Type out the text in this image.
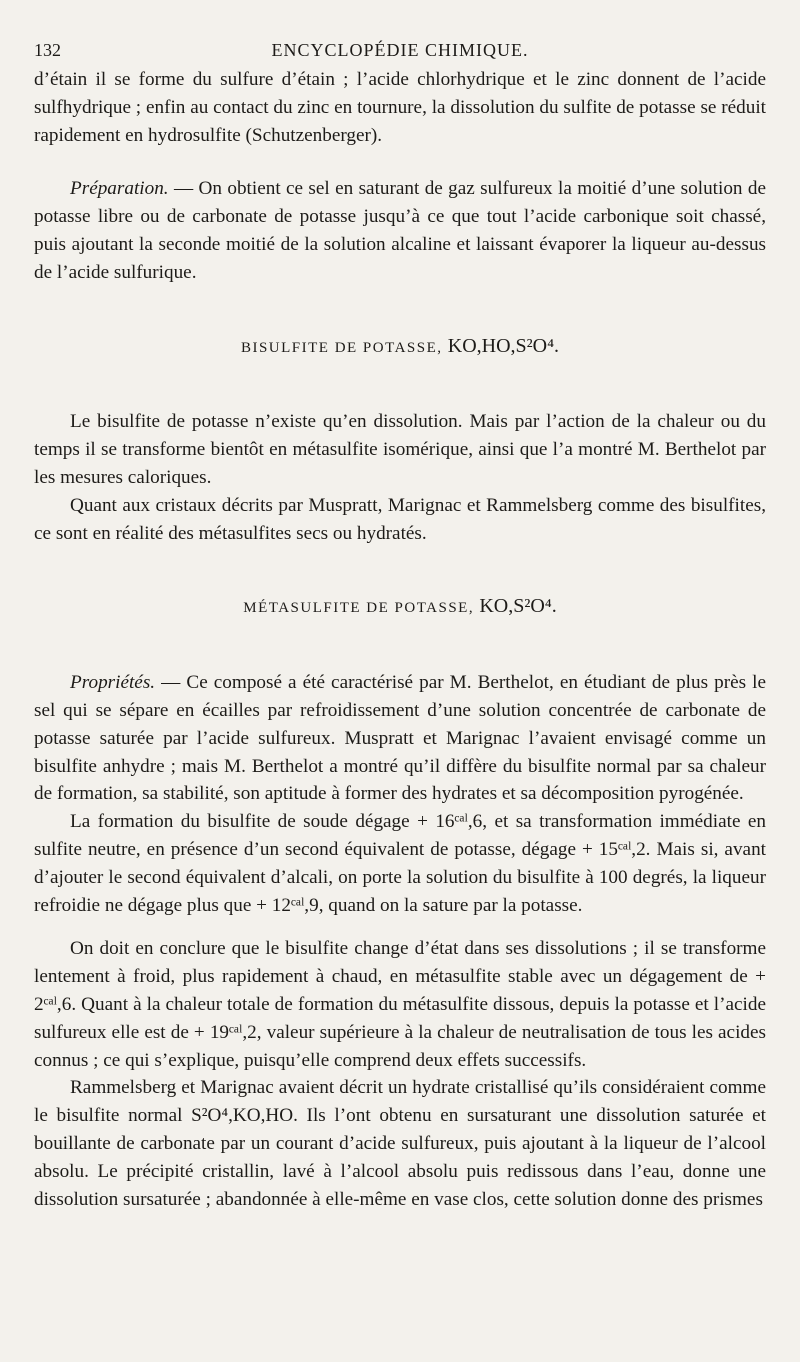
132	ENCYCLOPÉDIE CHIMIQUE.

d’étain il se forme du sulfure d’étain ; l’acide chlorhydrique et le zinc donnent de l’acide sulfhydrique ; enfin au contact du zinc en tournure, la dissolution du sulfite de potasse se réduit rapidement en hydrosulfite (Schutzenberger).

Préparation. — On obtient ce sel en saturant de gaz sulfureux la moitié d’une solution de potasse libre ou de carbonate de potasse jusqu’à ce que tout l’acide carbonique soit chassé, puis ajoutant la seconde moitié de la solution alcaline et laissant évaporer la liqueur au-dessus de l’acide sulfurique.

BISULFITE DE POTASSE, KO,HO,S²O⁴.

Le bisulfite de potasse n’existe qu’en dissolution. Mais par l’action de la chaleur ou du temps il se transforme bientôt en métasulfite isomérique, ainsi que l’a montré M. Berthelot par les mesures caloriques.

Quant aux cristaux décrits par Muspratt, Marignac et Rammelsberg comme des bisulfites, ce sont en réalité des métasulfites secs ou hydratés.

MÉTASULFITE DE POTASSE, KO,S²O⁴.

Propriétés. — Ce composé a été caractérisé par M. Berthelot, en étudiant de plus près le sel qui se sépare en écailles par refroidissement d’une solution concentrée de carbonate de potasse saturée par l’acide sulfureux. Muspratt et Marignac l’avaient envisagé comme un bisulfite anhydre ; mais M. Berthelot a montré qu’il diffère du bisulfite normal par sa chaleur de formation, sa stabilité, son aptitude à former des hydrates et sa décomposition pyrogénée.

La formation du bisulfite de soude dégage + 16ᶜᵃˡ,6, et sa transformation immédiate en sulfite neutre, en présence d’un second équivalent de potasse, dégage + 15ᶜᵃˡ,2. Mais si, avant d’ajouter le second équivalent d’alcali, on porte la solution du bisulfite à 100 degrés, la liqueur refroidie ne dégage plus que + 12ᶜᵃˡ,9, quand on la sature par la potasse.

On doit en conclure que le bisulfite change d’état dans ses dissolutions ; il se transforme lentement à froid, plus rapidement à chaud, en métasulfite stable avec un dégagement de + 2ᶜᵃˡ,6. Quant à la chaleur totale de formation du métasulfite dissous, depuis la potasse et l’acide sulfureux elle est de + 19ᶜᵃˡ,2, valeur supérieure à la chaleur de neutralisation de tous les acides connus ; ce qui s’explique, puisqu’elle comprend deux effets successifs.

Rammelsberg et Marignac avaient décrit un hydrate cristallisé qu’ils considéraient comme le bisulfite normal S²O⁴,KO,HO. Ils l’ont obtenu en sursaturant une dissolution saturée et bouillante de carbonate par un courant d’acide sulfureux, puis ajoutant à la liqueur de l’alcool absolu. Le précipité cristallin, lavé à l’alcool absolu puis redissous dans l’eau, donne une dissolution sursaturée ; abandonnée à elle-même en vase clos, cette solution donne des prismes
